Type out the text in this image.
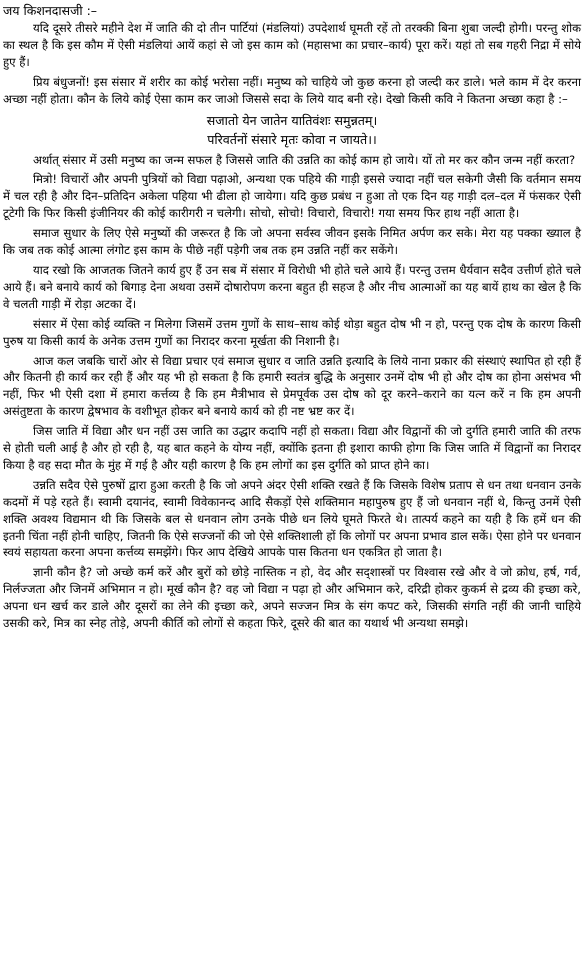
जय किशनदासजी :–

यदि दूसरे तीसरे महीने देश में जाति की दो तीन पार्टियां (मंडलियां) उपदेशार्थ घूमती रहें तो तरक्की बिना शुबा जल्दी होगी। परन्तु शोक का स्थल है कि इस कौम में ऐसी मंडलियां आयें कहां से जो इस काम को (महासभा का प्रचार–कार्य) पूरा करें। यहां तो सब गहरी निद्रा में सोये हुए हैं।

प्रिय बंधुजनों! इस संसार में शरीर का कोई भरोसा नहीं। मनुष्य को चाहिये जो कुछ करना हो जल्दी कर डाले। भले काम में देर करना अच्छा नहीं होता। कौन के लिये कोई ऐसा काम कर जाओ जिससे सदा के लिये याद बनी रहे। देखो किसी कवि ने कितना अच्छा कहा है :–

सजातो येन जातेन यातिवंशः समुन्नतम्।
परिवर्तनों संसारे मृतः कोवा न जायते।।

अर्थात् संसार में उसी मनुष्य का जन्म सफल है जिससे जाति की उन्नति का कोई काम हो जाये। यों तो मर कर कौन जन्म नहीं करता?

मित्रो! विचारों और अपनी पुत्रियों को विद्या पढ़ाओ, अन्यथा एक पहिये की गाड़ी इससे ज्यादा नहीं चल सकेगी जैसी कि वर्तमान समय में चल रही है और दिन–प्रतिदिन अकेला पहिया भी ढीला हो जायेगा। यदि कुछ प्रबंध न हुआ तो एक दिन यह गाड़ी दल–दल में फंसकर ऐसी टूटेगी कि फिर किसी इंजीनियर की कोई कारीगरी न चलेगी। सोचो, सोचो! विचारो, विचारो! गया समय फिर हाथ नहीं आता है।

समाज सुधार के लिए ऐसे मनुष्यों की जरूरत है कि जो अपना सर्वस्व जीवन इसके निमित अर्पण कर सके। मेरा यह पक्का ख्याल है कि जब तक कोई आत्मा लंगोट इस काम के पीछे नहीं पड़ेगी जब तक हम उन्नति नहीं कर सकेंगे।

याद रखो कि आजतक जितने कार्य हुए हैं उन सब में संसार में विरोधी भी होते चले आये हैं। परन्तु उत्तम धैर्यवान सदैव उत्तीर्ण होते चले आये हैं। बने बनाये कार्य को बिगाड़ देना अथवा उसमें दोषारोपण करना बहुत ही सहज है और नीच आत्माओं का यह बायें हाथ का खेल है कि वे चलती गाड़ी में रोड़ा अटका दें।

संसार में ऐसा कोई व्यक्ति न मिलेगा जिसमें उत्तम गुणों के साथ–साथ कोई थोड़ा बहुत दोष भी न हो, परन्तु एक दोष के कारण किसी पुरुष या किसी कार्य के अनेक उत्तम गुणों का निरादर करना मूर्खता की निशानी है।

आज कल जबकि चारों ओर से विद्या प्रचार एवं समाज सुधार व जाति उन्नति इत्यादि के लिये नाना प्रकार की संस्थाएं स्थापित हो रही हैं और कितनी ही कार्य कर रही हैं और यह भी हो सकता है कि हमारी स्वतंत्र बुद्धि के अनुसार उनमें दोष भी हो और दोष का होना असंभव भी नहीं, फिर भी ऐसी दशा में हमारा कर्त्तव्य है कि हम मैत्रीभाव से प्रेमपूर्वक उस दोष को दूर करने–कराने का यत्न करें न कि हम अपनी असंतुष्टता के कारण द्वेषभाव के वशीभूत होकर बने बनाये कार्य को ही नष्ट भ्रष्ट कर दें।

जिस जाति में विद्या और धन नहीं उस जाति का उद्धार कदापि नहीं हो सकता। विद्या और विद्वानों की जो दुर्गति हमारी जाति की तरफ से होती चली आई है और हो रही है, यह बात कहने के योग्य नहीं, क्योंकि इतना ही इशारा काफी होगा कि जिस जाति में विद्वानों का निरादर किया है वह सदा मौत के मुंह में गई है और यही कारण है कि हम लोगों का इस दुर्गति को प्राप्त होने का।

उन्नति सदैव ऐसे पुरुषों द्वारा हुआ करती है कि जो अपने अंदर ऐसी शक्ति रखते हैं कि जिसके विशेष प्रताप से धन तथा धनवान उनके कदमों में पड़े रहते हैं। स्वामी दयानंद, स्वामी विवेकानन्द आदि सैकड़ों ऐसे शक्तिमान महापुरुष हुए हैं जो धनवान नहीं थे, किन्तु उनमें ऐसी शक्ति अवश्य विद्यमान थी कि जिसके बल से धनवान लोग उनके पीछे धन लिये घूमते फिरते थे। तात्पर्य कहने का यही है कि हमें धन की इतनी चिंता नहीं होनी चाहिए, जितनी कि ऐसे सज्जनों की जो ऐसे शक्तिशाली हों कि लोगों पर अपना प्रभाव डाल सकें। ऐसा होने पर धनवान स्वयं सहायता करना अपना कर्त्तव्य समझेंगे। फिर आप देखिये आपके पास कितना धन एकत्रित हो जाता है।

ज्ञानी कौन है? जो अच्छे कर्म करें और बुरों को छोड़े नास्तिक न हो, वेद और सद्शास्त्रों पर विश्वास रखे और वे जो क्रोध, हर्ष, गर्व, निर्लज्जता और जिनमें अभिमान न हो। मूर्ख कौन है? वह जो विद्या न पढ़ा हो और अभिमान करे, दरिद्री होकर कुकर्म से द्रव्य की इच्छा करे, अपना धन खर्च कर डाले और दूसरों का लेने की इच्छा करे, अपने सज्जन मित्र के संग कपट करे, जिसकी संगति नहीं की जानी चाहिये उसकी करे, मित्र का स्नेह तोड़े, अपनी कीर्ति को लोगों से कहता फिरे, दूसरे की बात का यथार्थ भी अन्यथा समझे।
